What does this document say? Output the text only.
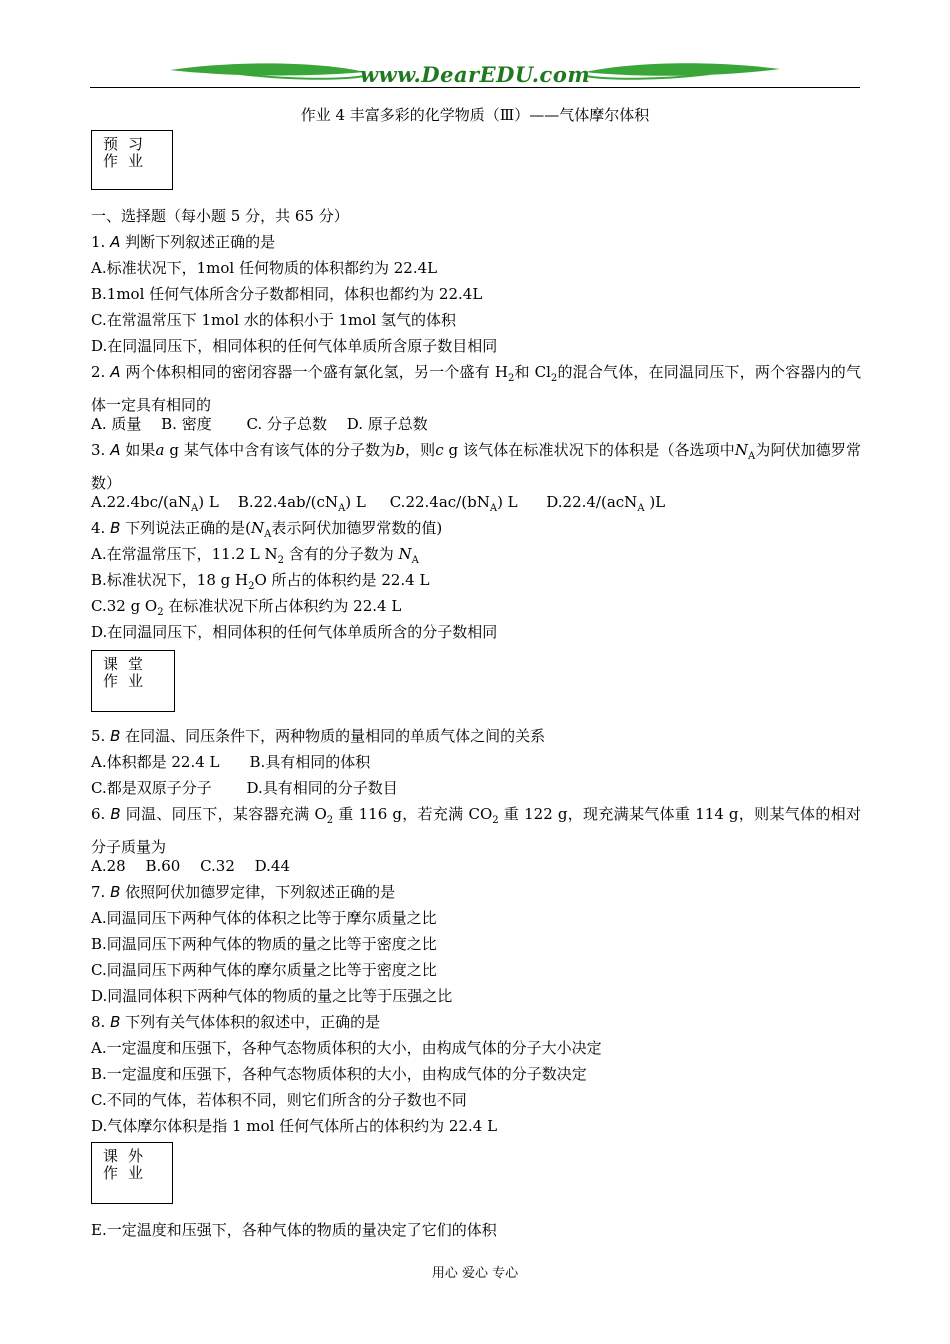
www.DearEDU.com
作业 4 丰富多彩的化学物质（Ⅲ）——气体摩尔体积
预习
作业
一、选择题（每小题 5 分，共 65 分）
1. A 判断下列叙述正确的是
A.标准状况下，1mol 任何物质的体积都约为 22.4L
B.1mol 任何气体所含分子数都相同，体积也都约为 22.4L
C.在常温常压下 1mol 水的体积小于 1mol 氢气的体积
D.在同温同压下，相同体积的任何气体单质所含原子数目相同
2. A 两个体积相同的密闭容器一个盛有氯化氢，另一个盛有 $H_2$和 $Cl_2$的混合气体，在同温同压下，两个容器内的气体一定具有相同的
A. 质量　 B. 密度　　 C. 分子总数　 D. 原子总数
3. A 如果a g 某气体中含有该气体的分子数为b，则c g 该气体在标准状况下的体积是（各选项中$N_A$为阿伏加德罗常数）
$A.22.4bc/(aN_A)$ L $B.22.4ab/(cN_A)$ L $C.22.4ac/(bN_A)$ L D.22.4/(acN$_A$ )L
4. B 下列说法正确的是($N_A$表示阿伏加德罗常数的值)
A.在常温常压下，11.2 L $N_2$ 含有的分子数为 $N_A$
B.标准状况下，18 g $H_2O$ 所占的体积约是 22.4 L
C.32 g $O_2$ 在标准状况下所占体积约为 22.4 L
D.在同温同压下，相同体积的任何气体单质所含的分子数相同
课堂
作业
5. B 在同温、同压条件下，两种物质的量相同的单质气体之间的关系
A.体积都是 22.4 L　　B.具有相同的体积
C.都是双原子分子　　 D.具有相同的分子数目
6. B 同温、同压下，某容器充满 $O_2$ 重 116 g，若充满 $CO_2$ 重 122 g，现充满某气体重 114 g，则某气体的相对分子质量为
A.28　 B.60　 C.32　 D.44
7. B 依照阿伏加德罗定律，下列叙述正确的是
A.同温同压下两种气体的体积之比等于摩尔质量之比
B.同温同压下两种气体的物质的量之比等于密度之比
C.同温同压下两种气体的摩尔质量之比等于密度之比
D.同温同体积下两种气体的物质的量之比等于压强之比
8. B 下列有关气体体积的叙述中，正确的是
A.一定温度和压强下，各种气态物质体积的大小，由构成气体的分子大小决定
B.一定温度和压强下，各种气态物质体积的大小，由构成气体的分子数决定
C.不同的气体，若体积不同，则它们所含的分子数也不同
D.气体摩尔体积是指 1 mol 任何气体所占的体积约为 22.4 L
课外
作业
E.一定温度和压强下，各种气体的物质的量决定了它们的体积
用心 爱心 专心
